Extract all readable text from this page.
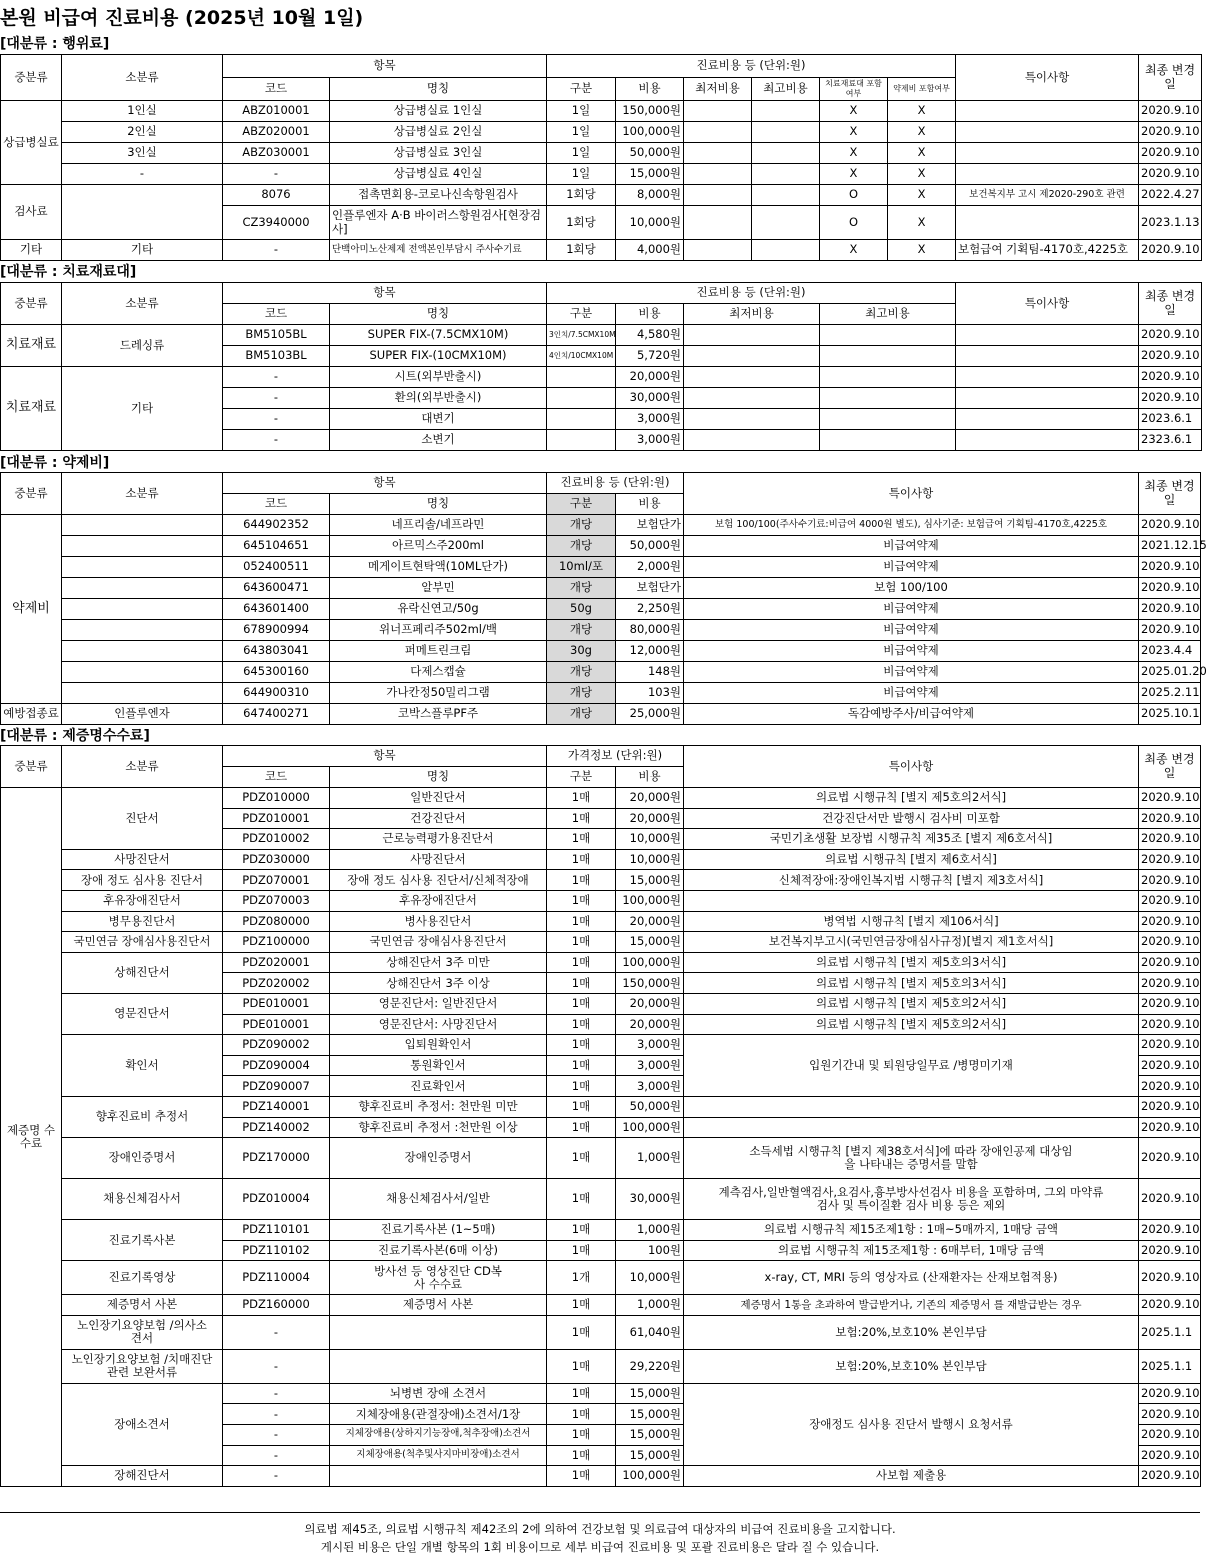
본원 비급여 진료비용 (2025년 10월 1일)
[대분류 : 행위료]
중분류	소분류	항목		진료비용 등 (단위:원)						특이사항	최종 변경일
		코드	명칭	구분	비용	최저비용	최고비용	치료재료대 포함여부	약제비 포함여부		
상급병실료	1인실	ABZ010001	상급병실료 1인실	1일	150,000원			X	X		2020.9.10
	2인실	ABZ020001	상급병실료 2인실	1일	100,000원			X	X		2020.9.10
	3인실	ABZ030001	상급병실료 3인실	1일	50,000원			X	X		2020.9.10
	-	-	상급병실료 4인실	1일	15,000원			X	X		2020.9.10
검사료		8076	접촉면회용-코로나신속항원검사	1회당	8,000원			O	X	보건복지부 고시 제2020-290호 관련	2022.4.27
		CZ3940000	인플루엔자 A·B 바이러스항원검사[현장검사]	1회당	10,000원			O	X		2023.1.13
기타	기타	-	단백아미노산제제 전액본인부담시 주사수기료	1회당	4,000원			X	X	보험급여 기획팀-4170호,4225호	2020.9.10
[대분류 : 치료재료대]
중분류	소분류	항목		진료비용 등 (단위:원)				특이사항	최종 변경일
		코드	명칭	구분	비용	최저비용	최고비용		
치료재료	드레싱류	BM5105BL	SUPER FIX-(7.5CMX10M)	3인치/7.5CMX10M	4,580원				2020.9.10
		BM5103BL	SUPER FIX-(10CMX10M)	4인치/10CMX10M	5,720원				2020.9.10
치료재료	기타	-	시트(외부반출시)		20,000원				2020.9.10
		-	환의(외부반출시)		30,000원				2020.9.10
		-	대변기		3,000원				2023.6.1
		-	소변기		3,000원				2323.6.1
[대분류 : 약제비]
중분류	소분류	항목		진료비용 등 (단위:원)		특이사항	최종 변경일
		코드	명칭	구분	비용		
약제비		644902352	네프리솔/네프라민	개당	보험단가	보험 100/100(주사수기료:비급여 4000원 별도), 심사기준: 보험급여 기획팀-4170호,4225호	2020.9.10
		645104651	아르믹스주200ml	개당	50,000원	비급여약제	2021.12.15
		052400511	메게이트현탁액(10ML단가)	10ml/포	2,000원	비급여약제	2020.9.10
		643600471	알부민	개당	보험단가	보험 100/100	2020.9.10
		643601400	유락신연고/50g	50g	2,250원	비급여약제	2020.9.10
		678900994	위너프페리주502ml/백	개당	80,000원	비급여약제	2020.9.10
		643803041	퍼메트린크림	30g	12,000원	비급여약제	2023.4.4
		645300160	다제스캡슐	개당	148원	비급여약제	2025.01.20
		644900310	가나칸정50밀리그램	개당	103원	비급여약제	2025.2.11
예방접종료	인플루엔자	647400271	코박스플루PF주	개당	25,000원	독감예방주사/비급여약제	2025.10.1
[대분류 : 제증명수수료]
중분류	소분류	항목		가격정보 (단위:원)		특이사항	최종 변경일
		코드	명칭	구분	비용		
제증명 수수료	진단서	PDZ010000	일반진단서	1매	20,000원	의료법 시행규칙 [별지 제5호의2서식]	2020.9.10
		PDZ010001	건강진단서	1매	20,000원	건강진단서만 발행시 검사비 미포함	2020.9.10
		PDZ010002	근로능력평가용진단서	1매	10,000원	국민기초생활 보장법 시행규칙 제35조 [별지 제6호서식]	2020.9.10
	사망진단서	PDZ030000	사망진단서	1매	10,000원	의료법 시행규칙 [별지 제6호서식]	2020.9.10
	장애 정도 심사용 진단서	PDZ070001	장애 정도 심사용 진단서/신체적장애	1매	15,000원	신체적장애:장애인복지법 시행규칙 [별지 제3호서식]	2020.9.10
	후유장애진단서	PDZ070003	후유장애진단서	1매	100,000원		2020.9.10
	병무용진단서	PDZ080000	병사용진단서	1매	20,000원	병역법 시행규칙 [별지 제106서식]	2020.9.10
	국민연금 장애심사용진단서	PDZ100000	국민연금 장애심사용진단서	1매	15,000원	보건복지부고시(국민연금장애심사규정)[별지 제1호서식]	2020.9.10
	상해진단서	PDZ020001	상해진단서 3주 미만	1매	100,000원	의료법 시행규칙 [별지 제5호의3서식]	2020.9.10
		PDZ020002	상해진단서 3주 이상	1매	150,000원	의료법 시행규칙 [별지 제5호의3서식]	2020.9.10
	영문진단서	PDE010001	영문진단서: 일반진단서	1매	20,000원	의료법 시행규칙 [별지 제5호의2서식]	2020.9.10
		PDE010001	영문진단서: 사망진단서	1매	20,000원	의료법 시행규칙 [별지 제5호의2서식]	2020.9.10
	확인서	PDZ090002	입퇴원확인서	1매	3,000원	입원기간내 및 퇴원당일무료 /병명미기재	2020.9.10
		PDZ090004	통원확인서	1매	3,000원		2020.9.10
		PDZ090007	진료확인서	1매	3,000원		2020.9.10
	향후진료비 추정서	PDZ140001	향후진료비 추정서: 천만원 미만	1매	50,000원		2020.9.10
		PDZ140002	향후진료비 추정서 :천만원 이상	1매	100,000원		2020.9.10
	장애인증명서	PDZ170000	장애인증명서	1매	1,000원	소득세법 시행규칙 [별지 제38호서식]에 따라 장애인공제 대상임을 나타내는 증명서를 말함	2020.9.10
	채용신체검사서	PDZ010004	채용신체검사서/일반	1매	30,000원	계측검사,일반혈액검사,요검사,흉부방사선검사 비용을 포함하며, 그외 마약류 검사 및 특이질환 검사 비용 등은 제외	2020.9.10
	진료기록사본	PDZ110101	진료기록사본 (1~5매)	1매	1,000원	의료법 시행규칙 제15조제1항 : 1매~5매까지, 1매당 금액	2020.9.10
		PDZ110102	진료기록사본(6매 이상)	1매	100원	의료법 시행규칙 제15조제1항 : 6매부터, 1매당 금액	2020.9.10
	진료기록영상	PDZ110004	방사선 등 영상진단 CD복사 수수료	1개	10,000원	x-ray, CT, MRI 등의 영상자료 (산재환자는 산재보험적용)	2020.9.10
	제증명서 사본	PDZ160000	제증명서 사본	1매	1,000원	제증명서 1통을 초과하여 발급받거나, 기존의 제증명서 를 재발급받는 경우	2020.9.10
	노인장기요양보험 /의사소견서	-		1매	61,040원	보험:20%,보호10% 본인부담	2025.1.1
	노인장기요양보험 /치매진단관련 보완서류	-		1매	29,220원	보험:20%,보호10% 본인부담	2025.1.1
	장애소견서	-	뇌병변 장애 소견서	1매	15,000원	장애정도 심사용 진단서 발행시 요청서류	2020.9.10
		-	지체장애용(관절장애)소견서/1장	1매	15,000원		2020.9.10
		-	지체장애용(상하지기능장애,척추장애)소견서	1매	15,000원		2020.9.10
		-	지체장애용(척추및사지마비장애)소견서	1매	15,000원		2020.9.10
	장해진단서	-		1매	100,000원	사보험 제출용	2020.9.10
의료법 제45조, 의료법 시행규칙 제42조의 2에 의하여 건강보험 및 의료급여 대상자의 비급여 진료비용을 고지합니다.
게시된 비용은 단일 개별 항목의 1회 비용이므로 세부 비급여 진료비용 및 포괄 진료비용은 달라 질 수 있습니다.
